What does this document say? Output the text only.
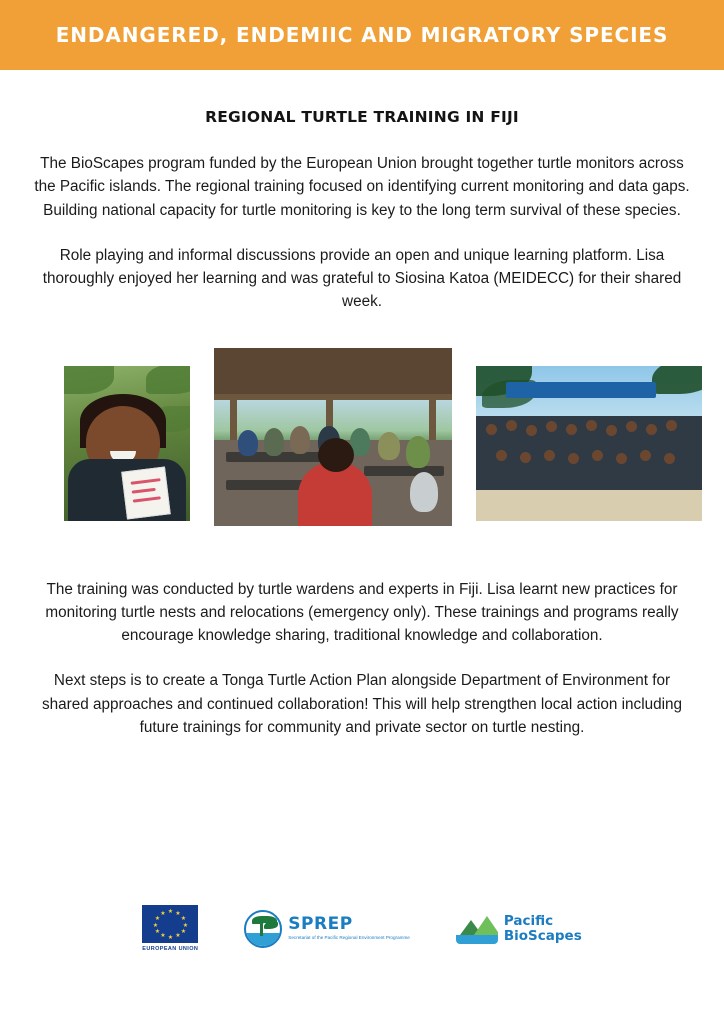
ENDANGERED, ENDEMIIC AND MIGRATORY SPECIES
REGIONAL TURTLE TRAINING IN FIJI

The BioScapes program funded by the European Union brought together turtle monitors across the Pacific islands. The regional training focused on identifying current monitoring and data gaps. Building national capacity for turtle monitoring is key to the long term survival of these species.

Role playing and informal discussions provide an open and unique learning platform. Lisa thoroughly enjoyed her learning and was grateful to Siosina Katoa (MEIDECC) for their shared week.

The training was conducted by turtle wardens and experts in Fiji. Lisa learnt new practices for monitoring turtle nests and relocations (emergency only). These trainings and programs really encourage knowledge sharing, traditional knowledge and collaboration.

Next steps is to create a Tonga Turtle Action Plan alongside Department of Environment for shared approaches and continued collaboration! This will help strengthen local action including future trainings for community and private sector on turtle nesting.

★ ★
★
★
★
★
★
★
★
★
★
★
EUROPEAN UNION
SPREP
Secretariat of the Pacific Regional Environment Programme
Pacific
BioScapes
